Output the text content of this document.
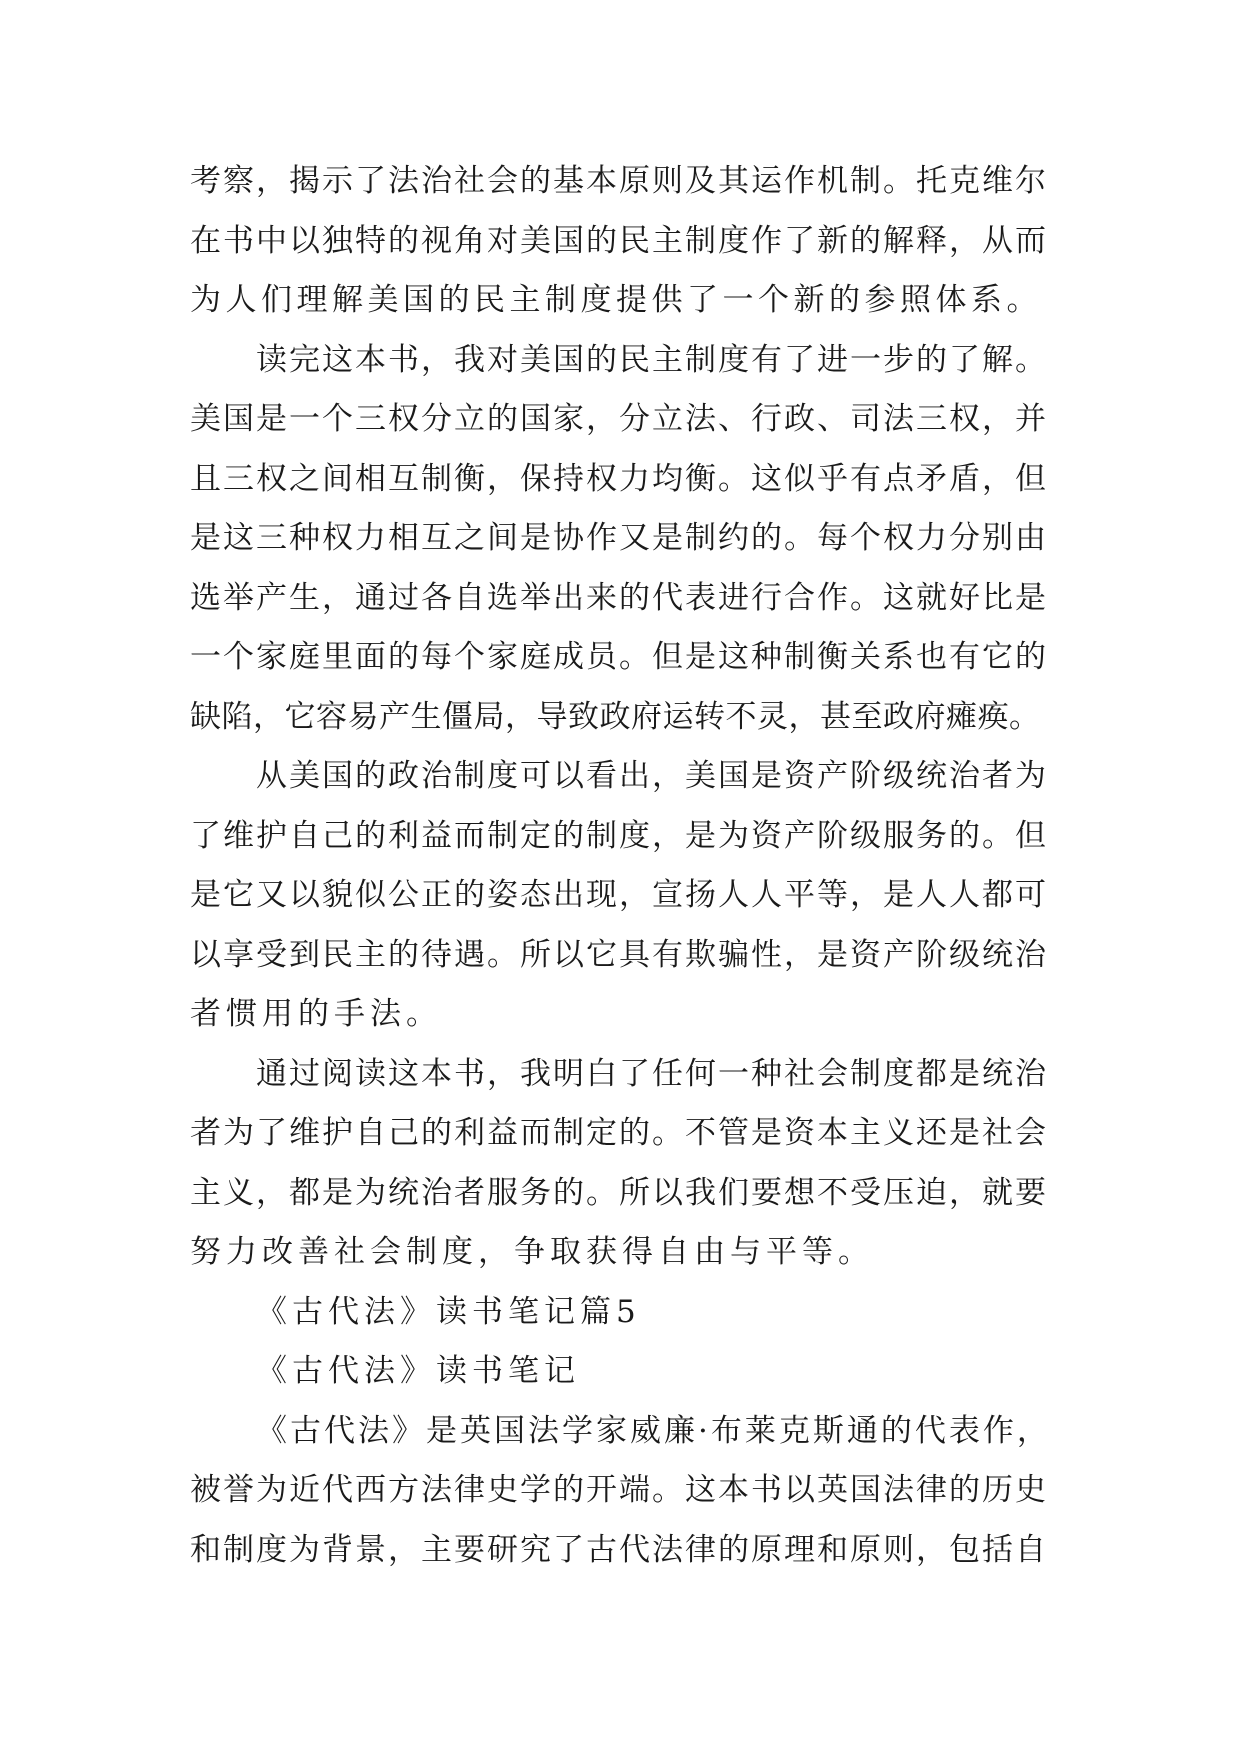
考察，揭示了法治社会的基本原则及其运作机制。托克维尔
在书中以独特的视角对美国的民主制度作了新的解释，从而
为人们理解美国的民主制度提供了一个新的参照体系。
读完这本书，我对美国的民主制度有了进一步的了解。
美国是一个三权分立的国家，分立法、行政、司法三权，并
且三权之间相互制衡，保持权力均衡。这似乎有点矛盾，但
是这三种权力相互之间是协作又是制约的。每个权力分别由
选举产生，通过各自选举出来的代表进行合作。这就好比是
一个家庭里面的每个家庭成员。但是这种制衡关系也有它的
缺陷，它容易产生僵局，导致政府运转不灵，甚至政府瘫痪。
从美国的政治制度可以看出，美国是资产阶级统治者为
了维护自己的利益而制定的制度，是为资产阶级服务的。但
是它又以貌似公正的姿态出现，宣扬人人平等，是人人都可
以享受到民主的待遇。所以它具有欺骗性，是资产阶级统治
者惯用的手法。
通过阅读这本书，我明白了任何一种社会制度都是统治
者为了维护自己的利益而制定的。不管是资本主义还是社会
主义，都是为统治者服务的。所以我们要想不受压迫，就要
努力改善社会制度，争取获得自由与平等。
《古代法》读书笔记篇5
《古代法》读书笔记
《古代法》是英国法学家威廉·布莱克斯通的代表作，
被誉为近代西方法律史学的开端。这本书以英国法律的历史
和制度为背景，主要研究了古代法律的原理和原则，包括自
